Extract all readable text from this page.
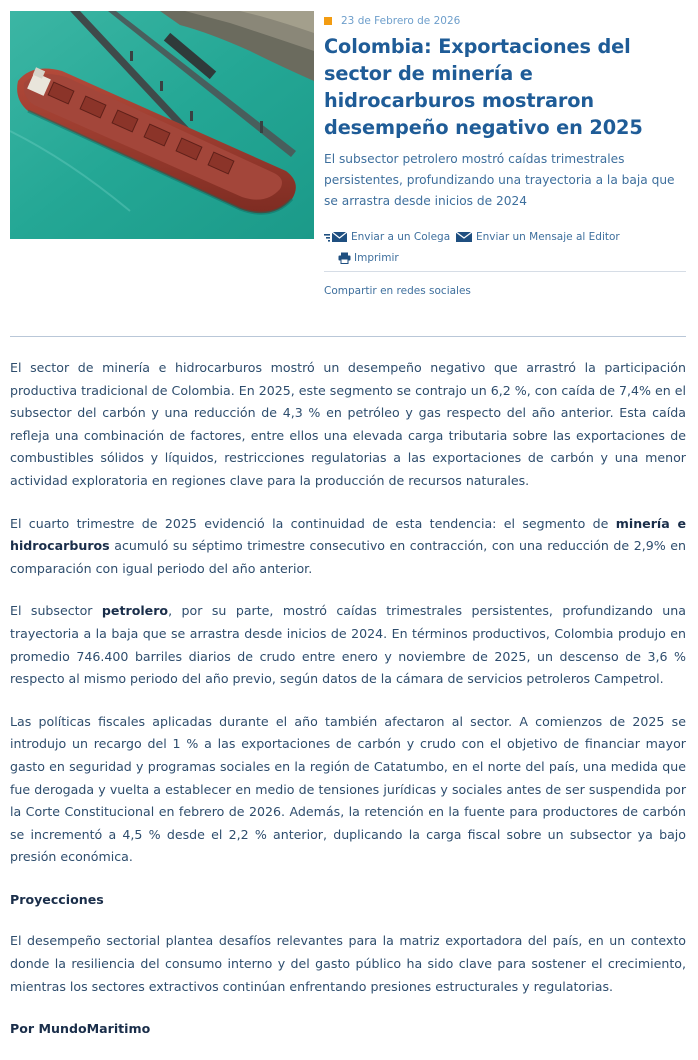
23 de Febrero de 2026
Colombia: Exportaciones del sector de minería e hidrocarburos mostraron desempeño negativo en 2025

El subsector petrolero mostró caídas trimestrales persistentes, profundizando una trayectoria a la baja que se arrastra desde inicios de 2024

Enviar a un Colega Enviar un Mensaje al Editor
Imprimir
Compartir en redes sociales

El sector de minería e hidrocarburos mostró un desempeño negativo que arrastró la participación productiva tradicional de Colombia. En 2025, este segmento se contrajo un 6,2 %, con caída de 7,4% en el subsector del carbón y una reducción de 4,3 % en petróleo y gas respecto del año anterior. Esta caída refleja una combinación de factores, entre ellos una elevada carga tributaria sobre las exportaciones de combustibles sólidos y líquidos, restricciones regulatorias a las exportaciones de carbón y una menor actividad exploratoria en regiones clave para la producción de recursos naturales.

El cuarto trimestre de 2025 evidenció la continuidad de esta tendencia: el segmento de minería e hidrocarburos acumuló su séptimo trimestre consecutivo en contracción, con una reducción de 2,9% en comparación con igual periodo del año anterior.

El subsector petrolero, por su parte, mostró caídas trimestrales persistentes, profundizando una trayectoria a la baja que se arrastra desde inicios de 2024. En términos productivos, Colombia produjo en promedio 746.400 barriles diarios de crudo entre enero y noviembre de 2025, un descenso de 3,6 % respecto al mismo periodo del año previo, según datos de la cámara de servicios petroleros Campetrol.

Las políticas fiscales aplicadas durante el año también afectaron al sector. A comienzos de 2025 se introdujo un recargo del 1 % a las exportaciones de carbón y crudo con el objetivo de financiar mayor gasto en seguridad y programas sociales en la región de Catatumbo, en el norte del país, una medida que fue derogada y vuelta a establecer en medio de tensiones jurídicas y sociales antes de ser suspendida por la Corte Constitucional en febrero de 2026. Además, la retención en la fuente para productores de carbón se incrementó a 4,5 % desde el 2,2 % anterior, duplicando la carga fiscal sobre un subsector ya bajo presión económica.

Proyecciones

El desempeño sectorial plantea desafíos relevantes para la matriz exportadora del país, en un contexto donde la resiliencia del consumo interno y del gasto público ha sido clave para sostener el crecimiento, mientras los sectores extractivos continúan enfrentando presiones estructurales y regulatorias.

Por MundoMaritimo
